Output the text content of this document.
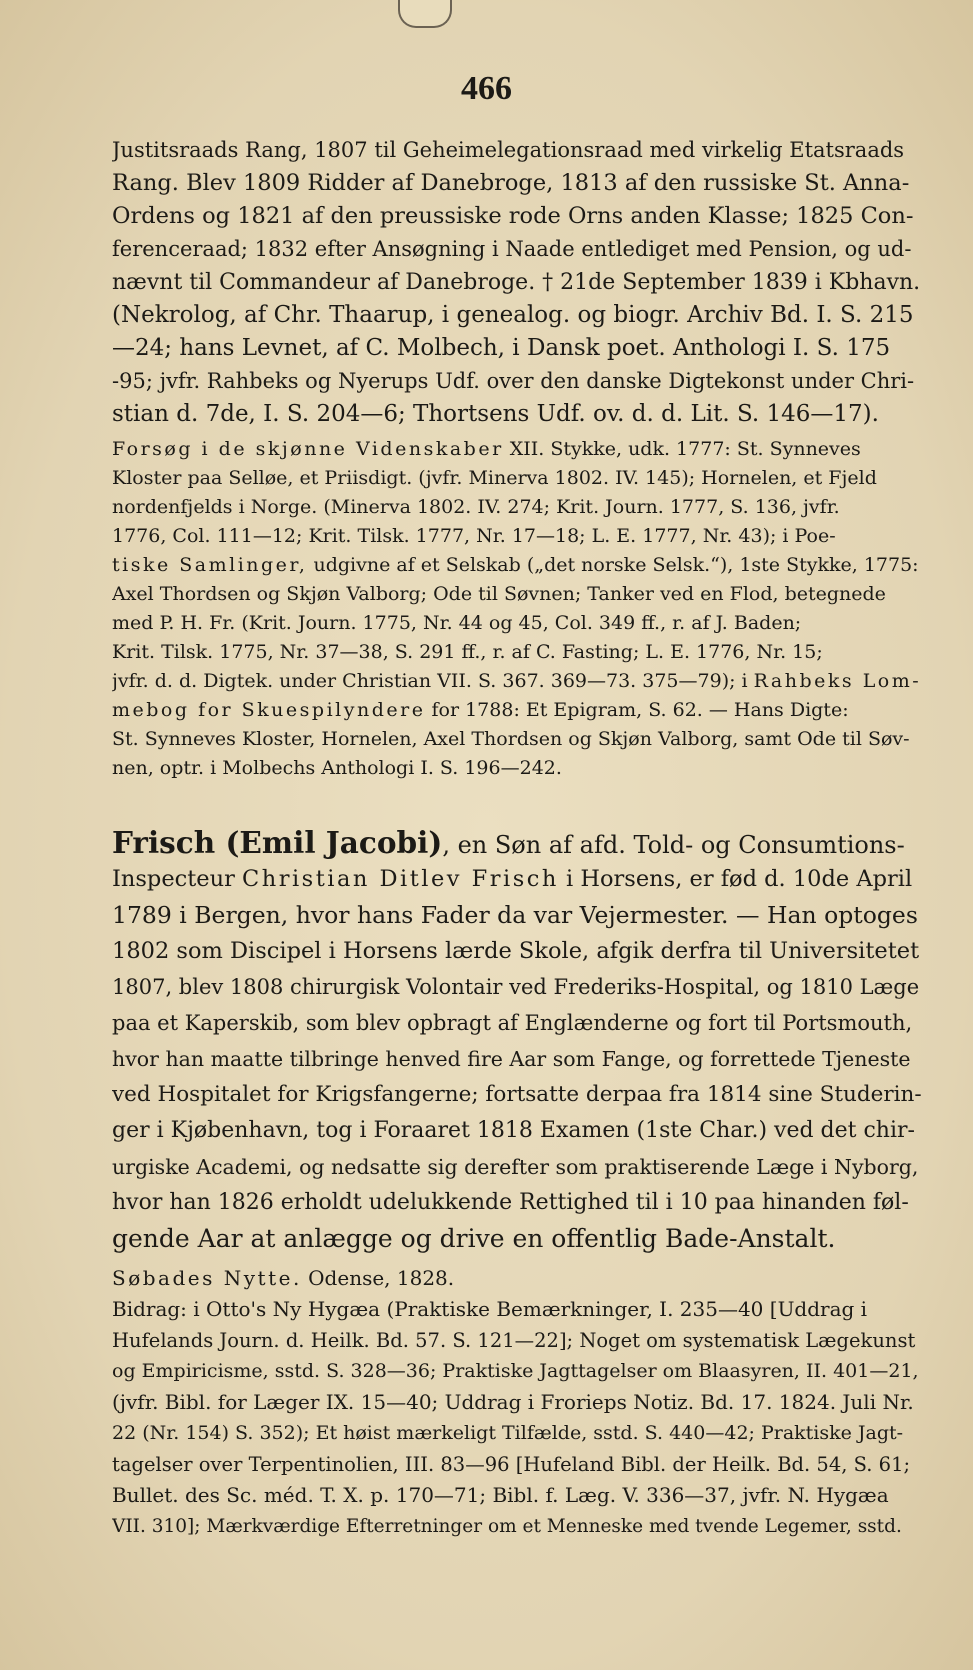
466
Justitsraads Rang, 1807 til Geheimelegationsraad med virkelig Etatsraads
Rang. Blev 1809 Ridder af Danebroge, 1813 af den russiske St. Anna-
Ordens og 1821 af den preussiske rode Orns anden Klasse; 1825 Con-
ferenceraad; 1832 efter Ansøgning i Naade entlediget med Pension, og ud-
nævnt til Commandeur af Danebroge. † 21de September 1839 i Kbhavn.
(Nekrolog, af Chr. Thaarup, i genealog. og biogr. Archiv Bd. I. S. 215
—24; hans Levnet, af C. Molbech, i Dansk poet. Anthologi I. S. 175
-95; jvfr. Rahbeks og Nyerups Udf. over den danske Digtekonst under Chri-
stian d. 7de, I. S. 204—6; Thortsens Udf. ov. d. d. Lit. S. 146—17).
Forsøg i de skjønne Videnskaber XII. Stykke, udk. 1777: St. Synneves
Kloster paa Selløe, et Priisdigt. (jvfr. Minerva 1802. IV. 145); Hornelen, et Fjeld
nordenfjelds i Norge. (Minerva 1802. IV. 274; Krit. Journ. 1777, S. 136, jvfr.
1776, Col. 111—12; Krit. Tilsk. 1777, Nr. 17—18; L. E. 1777, Nr. 43); i Poe-
tiske Samlinger, udgivne af et Selskab („det norske Selsk.“), 1ste Stykke, 1775:
Axel Thordsen og Skjøn Valborg; Ode til Søvnen; Tanker ved en Flod, betegnede
med P. H. Fr. (Krit. Journ. 1775, Nr. 44 og 45, Col. 349 ff., r. af J. Baden;
Krit. Tilsk. 1775, Nr. 37—38, S. 291 ff., r. af C. Fasting; L. E. 1776, Nr. 15;
jvfr. d. d. Digtek. under Christian VII. S. 367. 369—73. 375—79); i Rahbeks Lom-
mebog for Skuespilyndere for 1788: Et Epigram, S. 62. — Hans Digte:
St. Synneves Kloster, Hornelen, Axel Thordsen og Skjøn Valborg, samt Ode til Søv-
nen, optr. i Molbechs Anthologi I. S. 196—242.
Frisch (Emil Jacobi), en Søn af afd. Told- og Consumtions-
Inspecteur Christian Ditlev Frisch i Horsens, er fød d. 10de April
1789 i Bergen, hvor hans Fader da var Vejermester. — Han optoges
1802 som Discipel i Horsens lærde Skole, afgik derfra til Universitetet
1807, blev 1808 chirurgisk Volontair ved Frederiks-Hospital, og 1810 Læge
paa et Kaperskib, som blev opbragt af Englænderne og fort til Portsmouth,
hvor han maatte tilbringe henved fire Aar som Fange, og forrettede Tjeneste
ved Hospitalet for Krigsfangerne; fortsatte derpaa fra 1814 sine Studerin-
ger i Kjøbenhavn, tog i Foraaret 1818 Examen (1ste Char.) ved det chir-
urgiske Academi, og nedsatte sig derefter som praktiserende Læge i Nyborg,
hvor han 1826 erholdt udelukkende Rettighed til i 10 paa hinanden føl-
gende Aar at anlægge og drive en offentlig Bade-Anstalt.
Søbades Nytte. Odense, 1828.
Bidrag: i Otto's Ny Hygæa (Praktiske Bemærkninger, I. 235—40 [Uddrag i
Hufelands Journ. d. Heilk. Bd. 57. S. 121—22]; Noget om systematisk Lægekunst
og Empiricisme, sstd. S. 328—36; Praktiske Jagttagelser om Blaasyren, II. 401—21,
(jvfr. Bibl. for Læger IX. 15—40; Uddrag i Frorieps Notiz. Bd. 17. 1824. Juli Nr.
22 (Nr. 154) S. 352); Et høist mærkeligt Tilfælde, sstd. S. 440—42; Praktiske Jagt-
tagelser over Terpentinolien, III. 83—96 [Hufeland Bibl. der Heilk. Bd. 54, S. 61;
Bullet. des Sc. méd. T. X. p. 170—71; Bibl. f. Læg. V. 336—37, jvfr. N. Hygæa
VII. 310]; Mærkværdige Efterretninger om et Menneske med tvende Legemer, sstd.
